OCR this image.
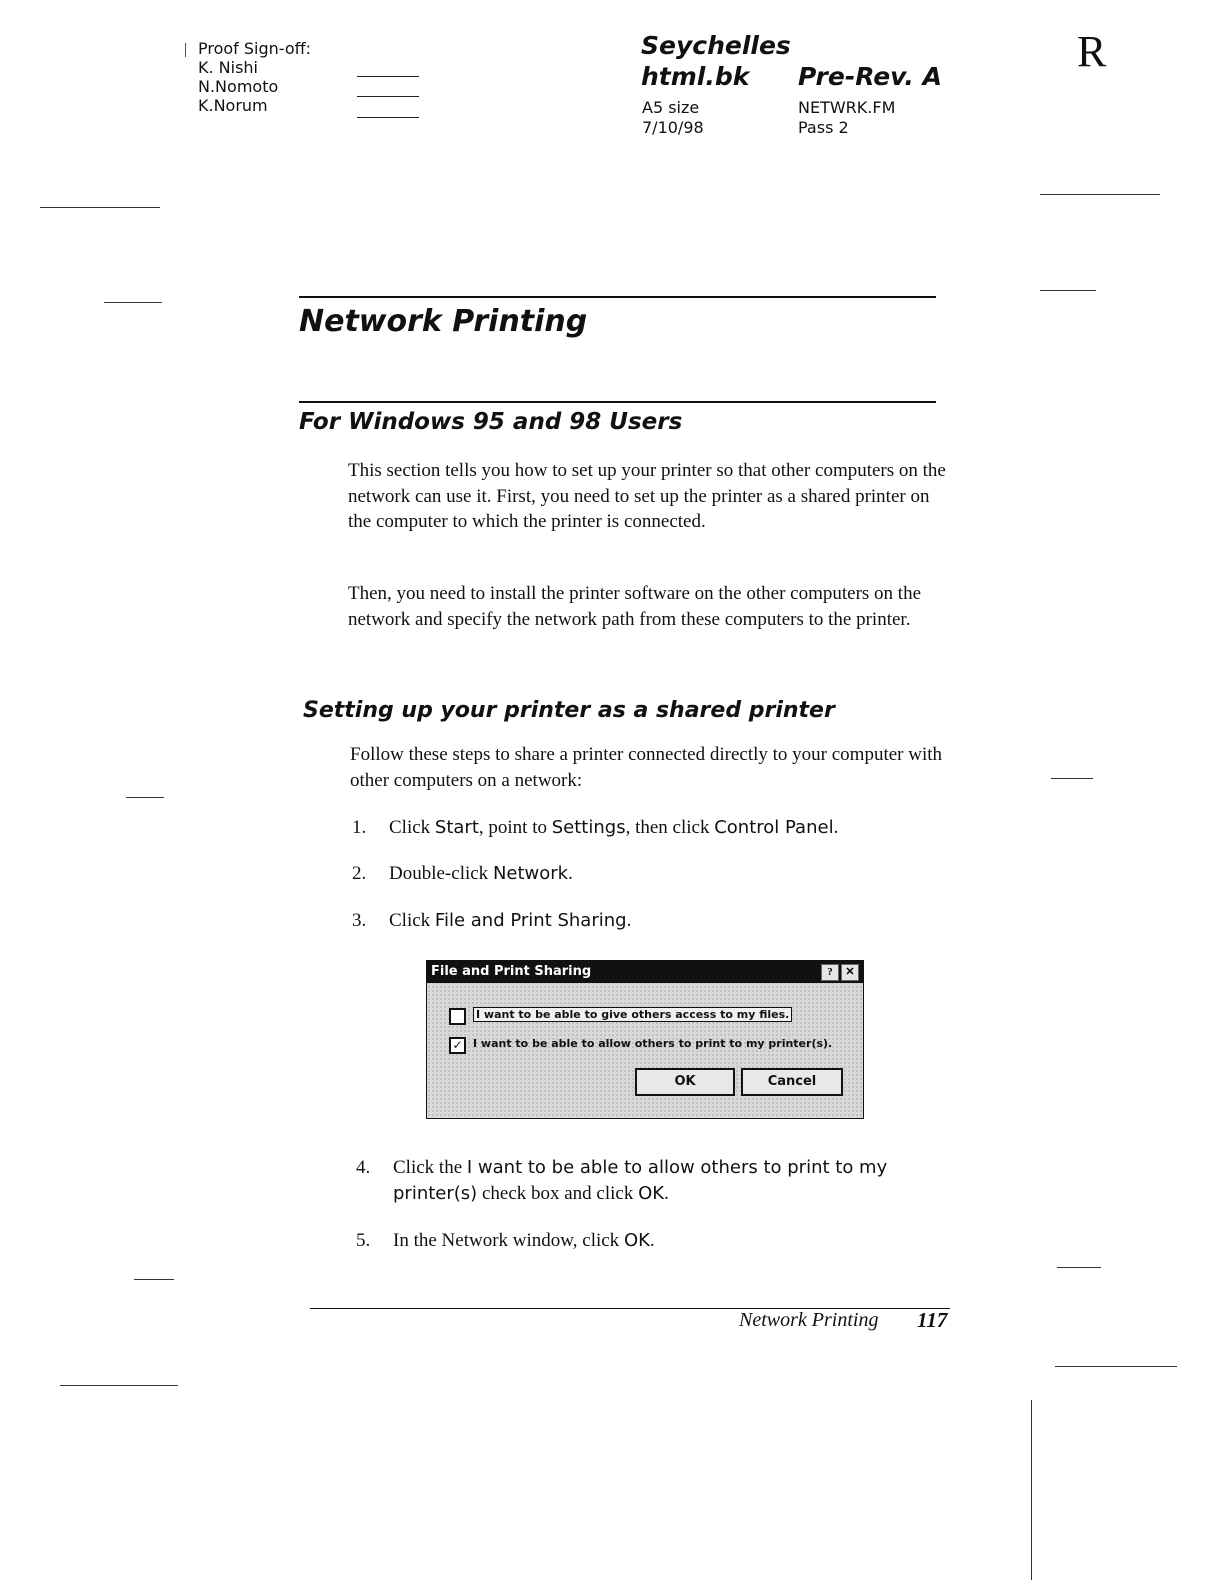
Proof Sign-off:
K. Nishi
N.Nomoto
K.Norum
Seychelles
html.bk Pre-Rev. A
A5 size
7/10/98
NETWRK.FM
Pass 2
R
Network Printing
For Windows 95 and 98 Users
This section tells you how to set up your printer so that other computers on the network can use it. First, you need to set up the printer as a shared printer on the computer to which the printer is connected.
Then, you need to install the printer software on the other computers on the network and specify the network path from these computers to the printer.
Setting up your printer as a shared printer
Follow these steps to share a printer connected directly to your computer with other computers on a network:
1. Click Start, point to Settings, then click Control Panel.
2. Double-click Network.
3. Click File and Print Sharing.
File and Print Sharing	?	✕
I want to be able to give others access to my files.
✓ I want to be able to allow others to print to my printer(s).
OK	Cancel
4. Click the I want to be able to allow others to print to my printer(s) check box and click OK.
5. In the Network window, click OK.
Network Printing 117
